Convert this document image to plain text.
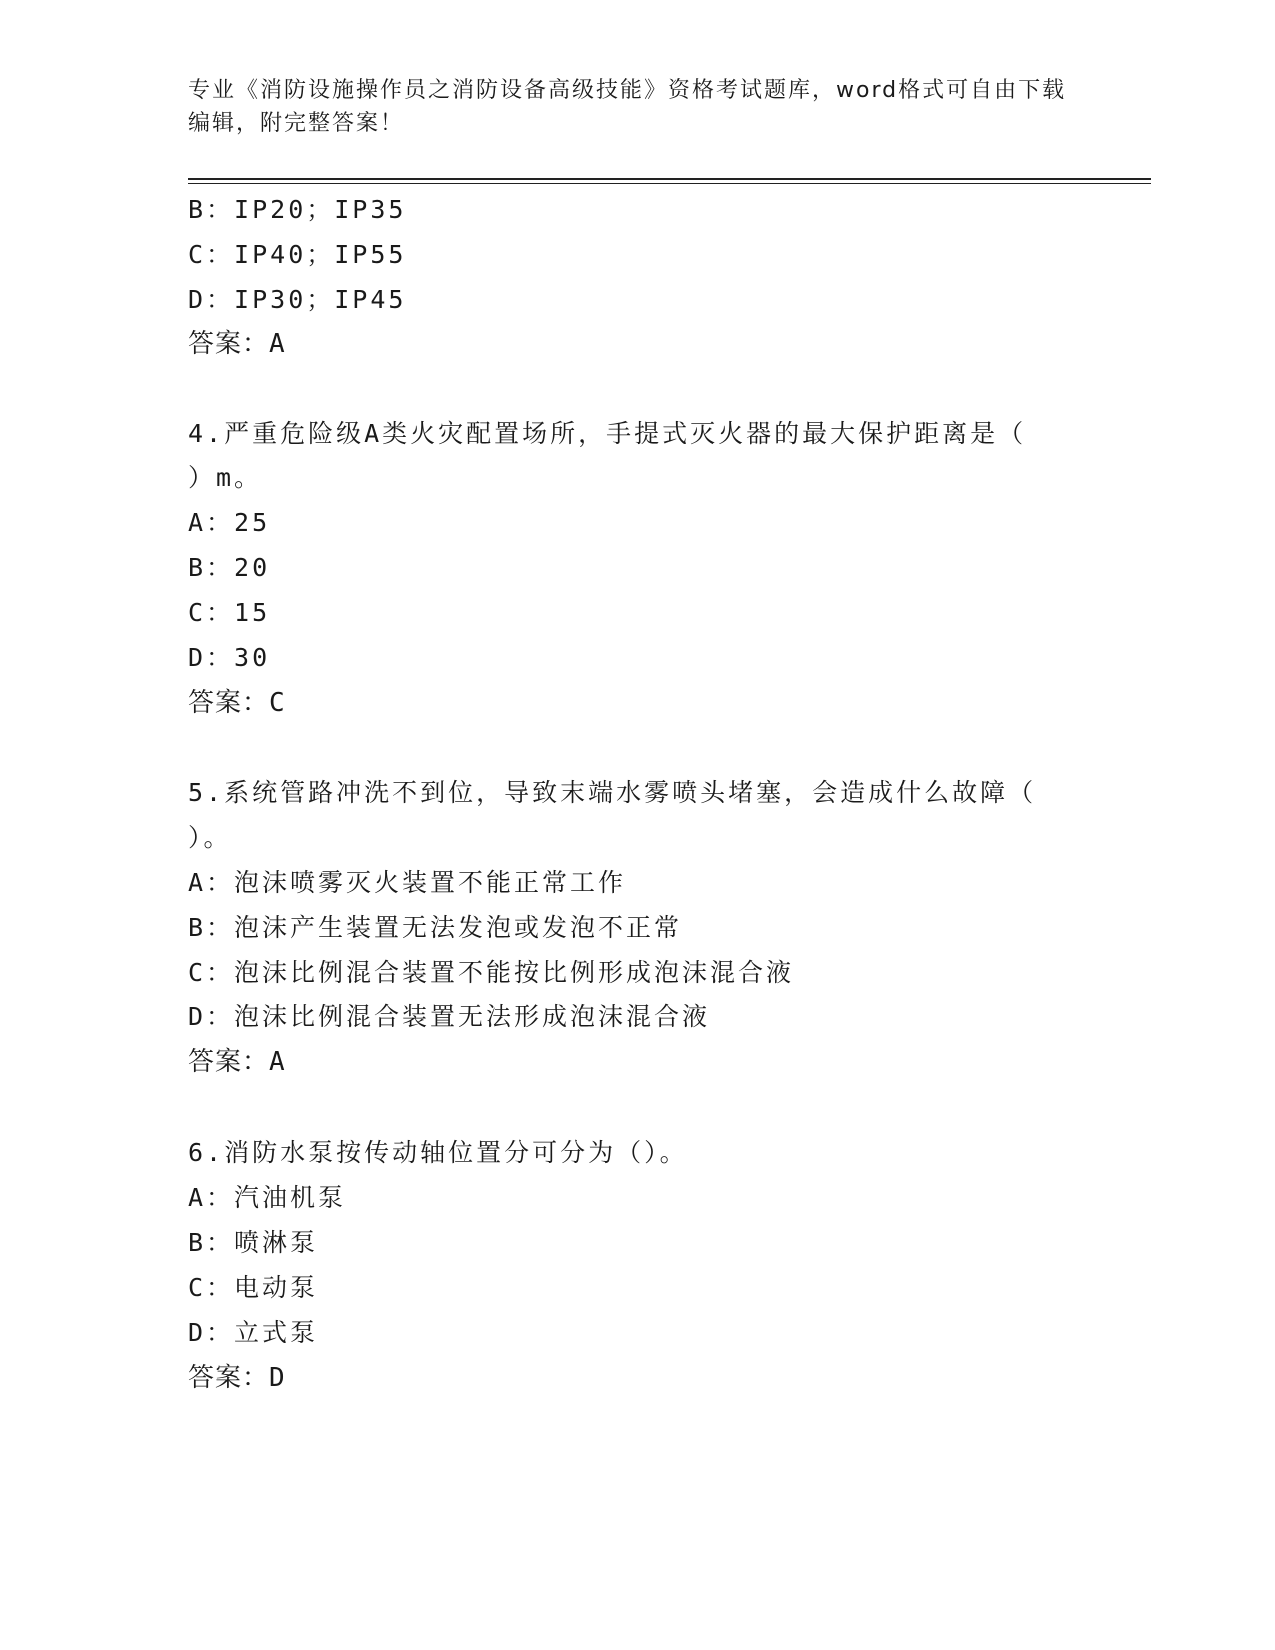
专业《消防设施操作员之消防设备高级技能》资格考试题库，word格式可自由下载编辑，附完整答案！
B：IP20；IP35
C：IP40；IP55
D：IP30；IP45
答案：A
4.严重危险级A类火灾配置场所，手提式灭火器的最大保护距离是（
）m。
A：25
B：20
C：15
D：30
答案：C
5.系统管路冲洗不到位，导致末端水雾喷头堵塞，会造成什么故障（
）。
A：泡沫喷雾灭火装置不能正常工作
B：泡沫产生装置无法发泡或发泡不正常
C：泡沫比例混合装置不能按比例形成泡沫混合液
D：泡沫比例混合装置无法形成泡沫混合液
答案：A
6.消防水泵按传动轴位置分可分为（）。
A：汽油机泵
B：喷淋泵
C：电动泵
D：立式泵
答案：D
